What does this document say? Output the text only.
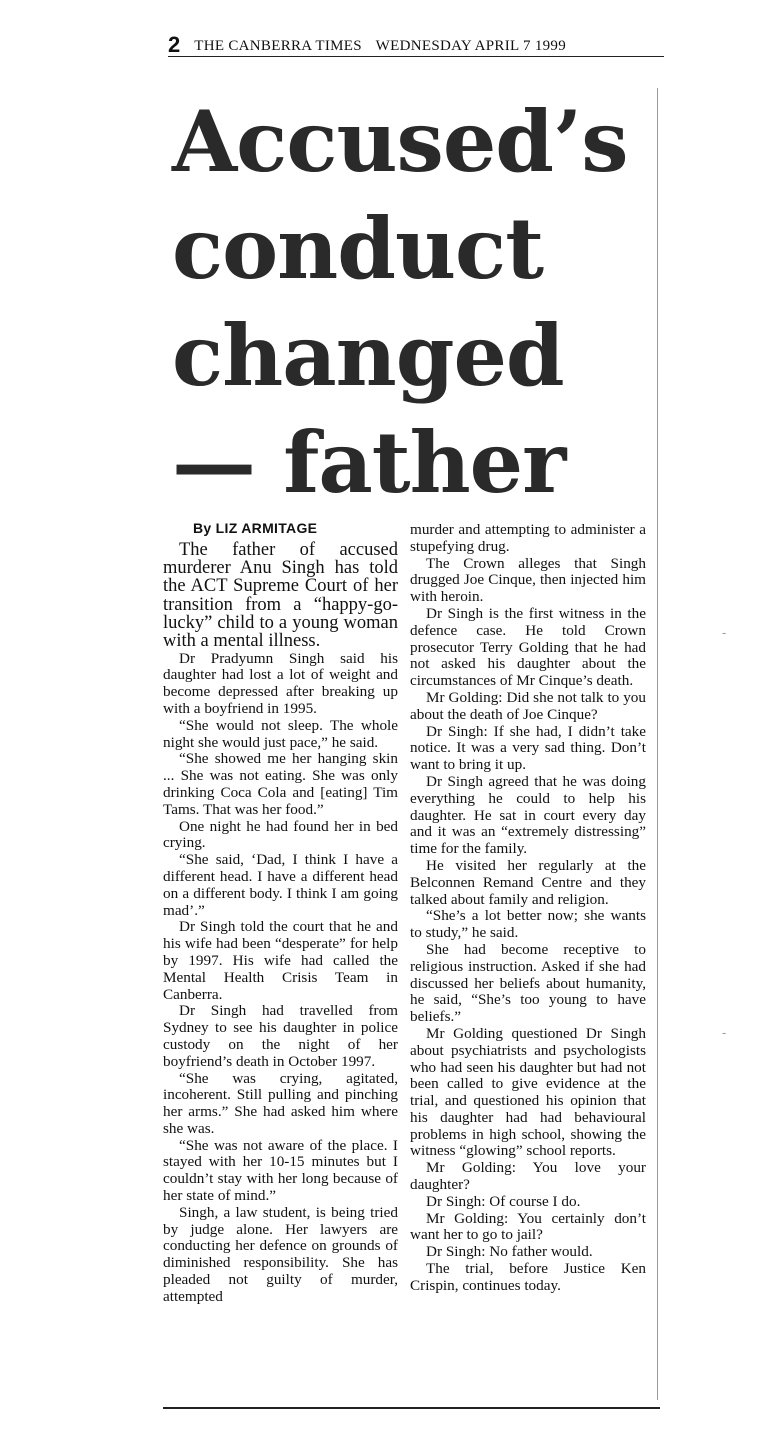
2 THE CANBERRA TIMES WEDNESDAY APRIL 7 1999
Accused’s
conduct
changed
— father
By LIZ ARMITAGE

The father of accused murderer Anu Singh has told the ACT Supreme Court of her transition from a “happy-go-lucky” child to a young woman with a mental illness.

Dr Pradyumn Singh said his daughter had lost a lot of weight and become depressed after breaking up with a boyfriend in 1995.

“She would not sleep. The whole night she would just pace,” he said.

“She showed me her hanging skin ... She was not eating. She was only drinking Coca Cola and [eating] Tim Tams. That was her food.”

One night he had found her in bed crying.

“She said, ‘Dad, I think I have a different head. I have a different head on a different body. I think I am going mad’.”

Dr Singh told the court that he and his wife had been “desperate” for help by 1997. His wife had called the Mental Health Crisis Team in Canberra.

Dr Singh had travelled from Sydney to see his daughter in police custody on the night of her boyfriend’s death in October 1997.

“She was crying, agitated, incoherent. Still pulling and pinching her arms.” She had asked him where she was.

“She was not aware of the place. I stayed with her 10-15 minutes but I couldn’t stay with her long because of her state of mind.”

Singh, a law student, is being tried by judge alone. Her lawyers are conducting her defence on grounds of diminished responsibility. She has pleaded not guilty of murder, attempted

murder and attempting to administer a stupefying drug.

The Crown alleges that Singh drugged Joe Cinque, then injected him with heroin.

Dr Singh is the first witness in the defence case. He told Crown prosecutor Terry Golding that he had not asked his daughter about the circumstances of Mr Cinque’s death.

Mr Golding: Did she not talk to you about the death of Joe Cinque?

Dr Singh: If she had, I didn’t take notice. It was a very sad thing. Don’t want to bring it up.

Dr Singh agreed that he was doing everything he could to help his daughter. He sat in court every day and it was an “extremely distressing” time for the family.

He visited her regularly at the Belconnen Remand Centre and they talked about family and religion.

“She’s a lot better now; she wants to study,” he said.

She had become receptive to religious instruction. Asked if she had discussed her beliefs about humanity, he said, “She’s too young to have beliefs.”

Mr Golding questioned Dr Singh about psychiatrists and psychologists who had seen his daughter but had not been called to give evidence at the trial, and questioned his opinion that his daughter had had behavioural problems in high school, showing the witness “glowing” school reports.

Mr Golding: You love your daughter?

Dr Singh: Of course I do.

Mr Golding: You certainly don’t want her to go to jail?

Dr Singh: No father would.

The trial, before Justice Ken Crispin, continues today.

-
-
